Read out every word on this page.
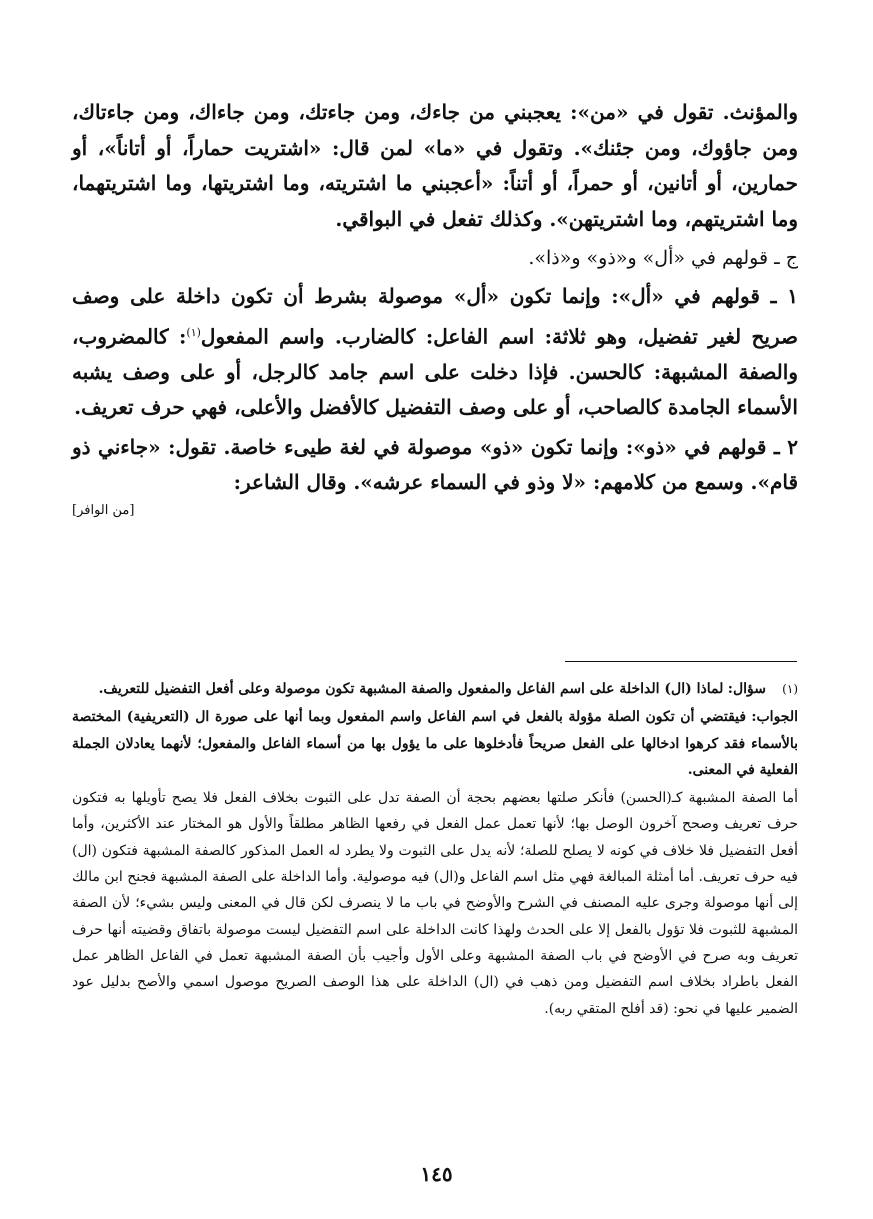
والمؤنث. تقول في «من»: يعجبني من جاءك، ومن جاءتك، ومن جاءاك، ومن جاءتاك، ومن جاؤوك، ومن جئنك». وتقول في «ما» لمن قال: «اشتريت حماراً، أو أتاناً»، أو حمارين، أو أتانين، أو حمراً، أو أتناً: «أعجبني ما اشتريته، وما اشتريتها، وما اشتريتهما، وما اشتريتهم، وما اشتريتهن». وكذلك تفعل في البواقي.

ج ـ قولهم في «أل» و«ذو» و«ذا».

١ ـ قولهم في «أل»: وإنما تكون «أل» موصولة بشرط أن تكون داخلة على وصف صريح لغير تفضيل، وهو ثلاثة: اسم الفاعل: كالضارب. واسم المفعول$^{(١)}$: كالمضروب، والصفة المشبهة: كالحسن. فإذا دخلت على اسم جامد كالرجل، أو على وصف يشبه الأسماء الجامدة كالصاحب، أو على وصف التفضيل كالأفضل والأعلى، فهي حرف تعريف.

٢ ـ قولهم في «ذو»: وإنما تكون «ذو» موصولة في لغة طيىء خاصة. تقول: «جاءني ذو قام». وسمع من كلامهم: «لا وذو في السماء عرشه». وقال الشاعر:

[من الوافر]
(١)

سؤال: لماذا (ال) الداخلة على اسم الفاعل والمفعول والصفة المشبهة تكون موصولة وعلى أفعل التفضيل للتعريف.

الجواب: فيقتضي أن تكون الصلة مؤولة بالفعل في اسم الفاعل واسم المفعول وبما أنها على صورة ال (التعريفية) المختصة بالأسماء فقد كرهوا ادخالها على الفعل صريحاً فأدخلوها على ما يؤول بها من أسماء الفاعل والمفعول؛ لأنهما يعادلان الجملة الفعلية في المعنى.

أما الصفة المشبهة كـ(الحسن) فأنكر صلتها بعضهم بحجة أن الصفة تدل على الثبوت بخلاف الفعل فلا يصح تأويلها به فتكون حرف تعريف وصحح آخرون الوصل بها؛ لأنها تعمل عمل الفعل في رفعها الظاهر مطلقاً والأول هو المختار عند الأكثرين، وأما أفعل التفضيل فلا خلاف في كونه لا يصلح للصلة؛ لأنه يدل على الثبوت ولا يطرد له العمل المذكور كالصفة المشبهة فتكون (ال) فيه حرف تعريف. أما أمثلة المبالغة فهي مثل اسم الفاعل و(ال) فيه موصولية. وأما الداخلة على الصفة المشبهة فجنح ابن مالك إلى أنها موصولة وجرى عليه المصنف في الشرح والأوضح في باب ما لا ينصرف لكن قال في المعنى وليس بشيء؛ لأن الصفة المشبهة للثبوت فلا تؤول بالفعل إلا على الحدث ولهذا كانت الداخلة على اسم التفضيل ليست موصولة باتفاق وقضيته أنها حرف تعريف وبه صرح في الأوضح في باب الصفة المشبهة وعلى الأول وأجيب بأن الصفة المشبهة تعمل في الفاعل الظاهر عمل الفعل باطراد بخلاف اسم التفضيل ومن ذهب في (ال) الداخلة على هذا الوصف الصريح موصول اسمي والأصح بدليل عود الضمير عليها في نحو: (قد أفلح المتقي ربه).

١٤٥
